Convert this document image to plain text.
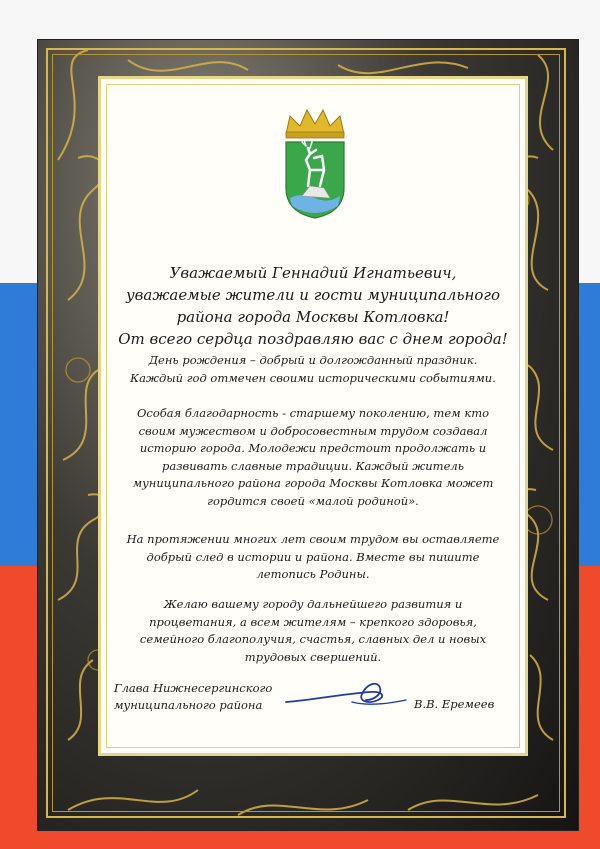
Уважаемый Геннадий Игнатьевич,
уважаемые жители и гости муниципального
района города Москвы Котловка!
От всего сердца поздравляю вас с днем города!
День рождения – добрый и долгожданный праздник.
Каждый год отмечен своими историческими событиями.
Особая благодарность - старшему поколению, тем кто
своим мужеством и добросовестным трудом создавал
историю города. Молодежи предстоит продолжать и
развивать славные традиции. Каждый житель
муниципального района города Москвы Котловка может
гордится своей «малой родиной».
На протяжении многих лет своим трудом вы оставляете
добрый след в истории и района. Вместе вы пишите
летопись Родины.
Желаю вашему городу дальнейшего развития и
процветания, а всем жителям – крепкого здоровья,
семейного благополучия, счастья, славных дел и новых
трудовых свершений.
Глава Нижнесергинского
муниципального района	В.В. Еремеев
